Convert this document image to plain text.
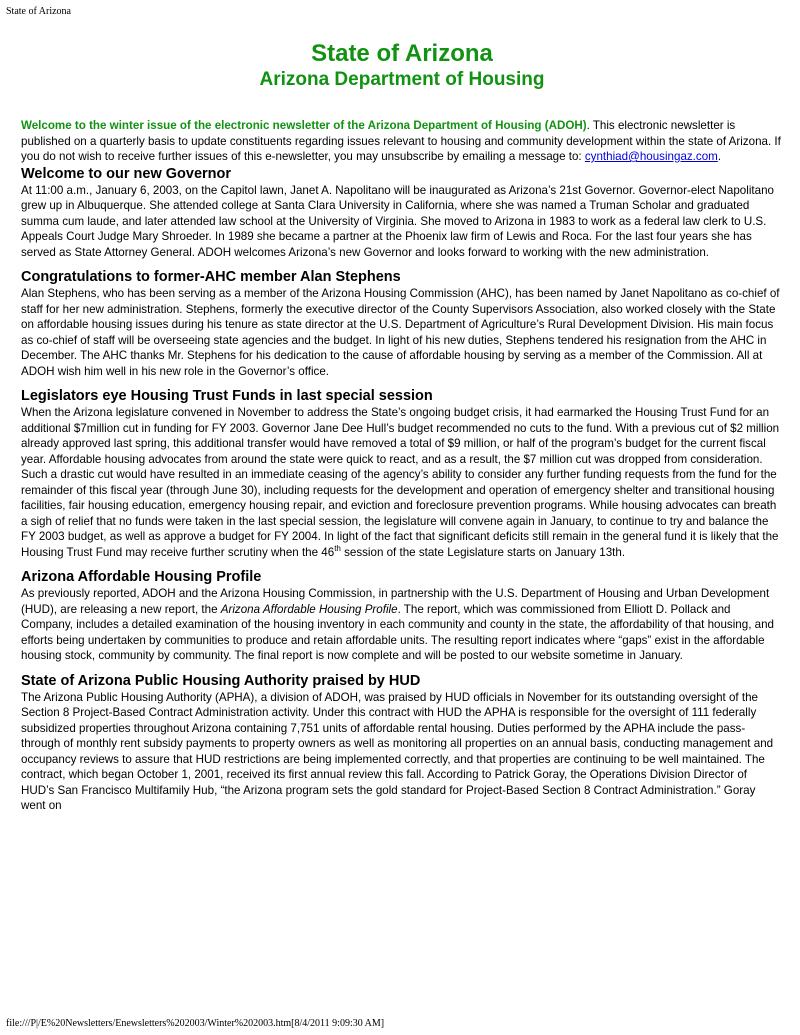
State of Arizona
State of Arizona
Arizona Department of Housing

Welcome to the winter issue of the electronic newsletter of the Arizona Department of Housing (ADOH). This electronic newsletter is published on a quarterly basis to update constituents regarding issues relevant to housing and community development within the state of Arizona. If you do not wish to receive further issues of this e-newsletter, you may unsubscribe by emailing a message to: cynthiad@housingaz.com.

Welcome to our new Governor

At 11:00 a.m., January 6, 2003, on the Capitol lawn, Janet A. Napolitano will be inaugurated as Arizona’s 21st Governor. Governor-elect Napolitano grew up in Albuquerque. She attended college at Santa Clara University in California, where she was named a Truman Scholar and graduated summa cum laude, and later attended law school at the University of Virginia. She moved to Arizona in 1983 to work as a federal law clerk to U.S. Appeals Court Judge Mary Shroeder. In 1989 she became a partner at the Phoenix law firm of Lewis and Roca. For the last four years she has served as State Attorney General. ADOH welcomes Arizona’s new Governor and looks forward to working with the new administration.

Congratulations to former-AHC member Alan Stephens

Alan Stephens, who has been serving as a member of the Arizona Housing Commission (AHC), has been named by Janet Napolitano as co-chief of staff for her new administration. Stephens, formerly the executive director of the County Supervisors Association, also worked closely with the State on affordable housing issues during his tenure as state director at the U.S. Department of Agriculture’s Rural Development Division. His main focus as co-chief of staff will be overseeing state agencies and the budget. In light of his new duties, Stephens tendered his resignation from the AHC in December. The AHC thanks Mr. Stephens for his dedication to the cause of affordable housing by serving as a member of the Commission. All at ADOH wish him well in his new role in the Governor’s office.

Legislators eye Housing Trust Funds in last special session

When the Arizona legislature convened in November to address the State’s ongoing budget crisis, it had earmarked the Housing Trust Fund for an additional $7million cut in funding for FY 2003. Governor Jane Dee Hull’s budget recommended no cuts to the fund. With a previous cut of $2 million already approved last spring, this additional transfer would have removed a total of $9 million, or half of the program’s budget for the current fiscal year. Affordable housing advocates from around the state were quick to react, and as a result, the $7 million cut was dropped from consideration. Such a drastic cut would have resulted in an immediate ceasing of the agency’s ability to consider any further funding requests from the fund for the remainder of this fiscal year (through June 30), including requests for the development and operation of emergency shelter and transitional housing facilities, fair housing education, emergency housing repair, and eviction and foreclosure prevention programs. While housing advocates can breath a sigh of relief that no funds were taken in the last special session, the legislature will convene again in January, to continue to try and balance the FY 2003 budget, as well as approve a budget for FY 2004. In light of the fact that significant deficits still remain in the general fund it is likely that the Housing Trust Fund may receive further scrutiny when the 46th session of the state Legislature starts on January 13th.

Arizona Affordable Housing Profile

As previously reported, ADOH and the Arizona Housing Commission, in partnership with the U.S. Department of Housing and Urban Development (HUD), are releasing a new report, the Arizona Affordable Housing Profile. The report, which was commissioned from Elliott D. Pollack and Company, includes a detailed examination of the housing inventory in each community and county in the state, the affordability of that housing, and efforts being undertaken by communities to produce and retain affordable units. The resulting report indicates where “gaps” exist in the affordable housing stock, community by community. The final report is now complete and will be posted to our website sometime in January.

State of Arizona Public Housing Authority praised by HUD

The Arizona Public Housing Authority (APHA), a division of ADOH, was praised by HUD officials in November for its outstanding oversight of the Section 8 Project-Based Contract Administration activity. Under this contract with HUD the APHA is responsible for the oversight of 111 federally subsidized properties throughout Arizona containing 7,751 units of affordable rental housing. Duties performed by the APHA include the pass-through of monthly rent subsidy payments to property owners as well as monitoring all properties on an annual basis, conducting management and occupancy reviews to assure that HUD restrictions are being implemented correctly, and that properties are continuing to be well maintained. The contract, which began October 1, 2001, received its first annual review this fall. According to Patrick Goray, the Operations Division Director of HUD’s San Francisco Multifamily Hub, “the Arizona program sets the gold standard for Project-Based Section 8 Contract Administration.” Goray went on

file:///P|/E%20Newsletters/Enewsletters%202003/Winter%202003.htm[8/4/2011 9:09:30 AM]
